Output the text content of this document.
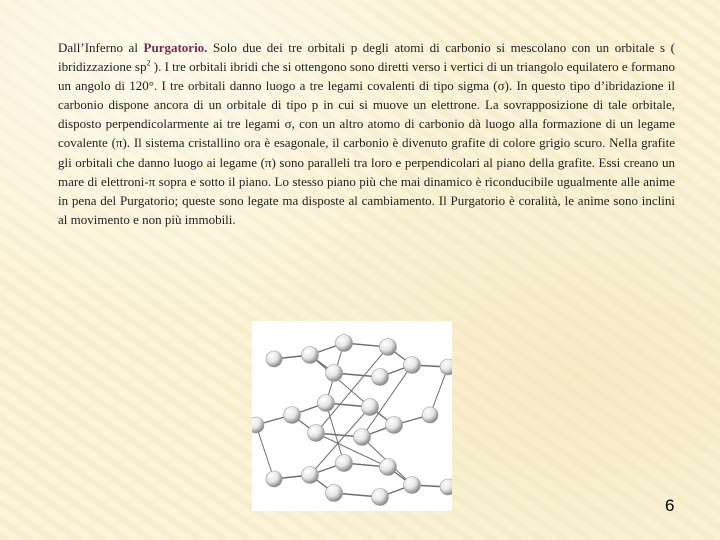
Dall’Inferno al Purgatorio. Solo due dei tre orbitali p degli atomi di carbonio si mescolano con un orbitale s ( ibridizzazione $sp^2$ ). I tre orbitali ibridi che si ottengono sono diretti verso i vertici di un triangolo equilatero e formano un angolo di 120°. I tre orbitali danno luogo a tre legami covalenti di tipo sigma (σ). In questo tipo d’ibridazione il carbonio dispone ancora di un orbitale di tipo p in cui si muove un elettrone. La sovrapposizione di tale orbitale, disposto perpendicolarmente ai tre legami σ, con un altro atomo di carbonio dà luogo alla formazione di un legame covalente (π). Il sistema cristallino ora è esagonale, il carbonio è divenuto grafite di colore grigio scuro. Nella grafite gli orbitali che danno luogo ai legame (π) sono paralleli tra loro e perpendicolari al piano della grafite. Essi creano un mare di elettroni-π sopra e sotto il piano. Lo stesso piano più che mai dinamico è riconducibile ugualmente alle anime in pena del Purgatorio; queste sono legate ma disposte al cambiamento. Il Purgatorio è coralità, le anime sono inclini al movimento e non più immobili.
6
